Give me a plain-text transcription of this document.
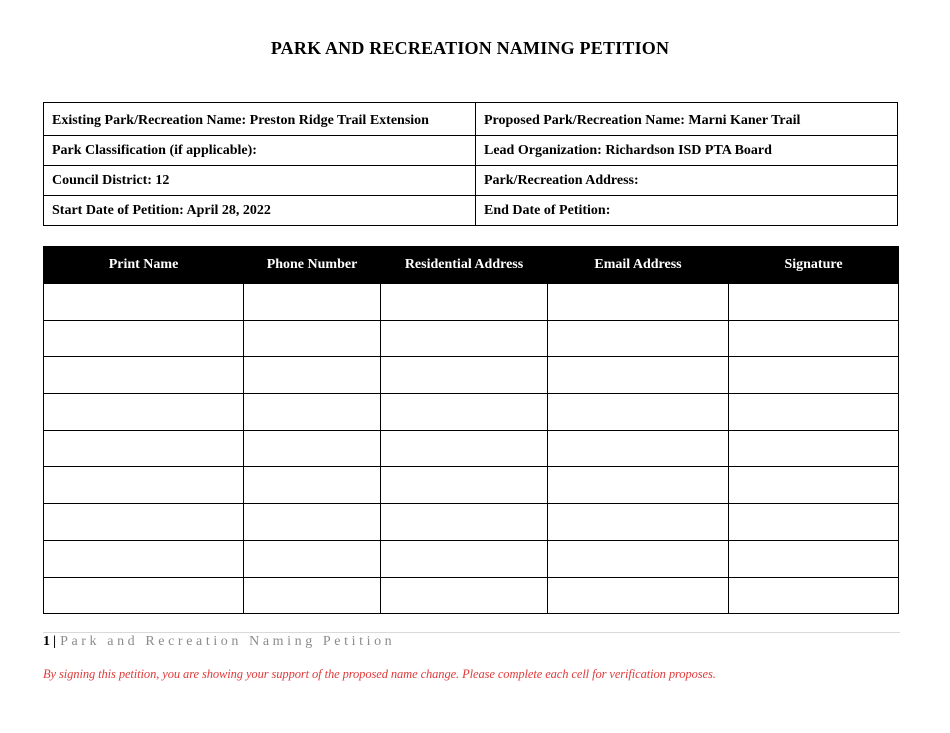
PARK AND RECREATION NAMING PETITION
Existing Park/Recreation Name: Preston Ridge Trail Extension	Proposed Park/Recreation Name: Marni Kaner Trail
Park Classification (if applicable):	Lead Organization: Richardson ISD PTA Board
Council District: 12	Park/Recreation Address:
Start Date of Petition: April 28, 2022	End Date of Petition:
Print Name	Phone Number	Residential Address	Email Address	Signature

1 | Park and Recreation Naming Petition
By signing this petition, you are showing your support of the proposed name change. Please complete each cell for verification proposes.
